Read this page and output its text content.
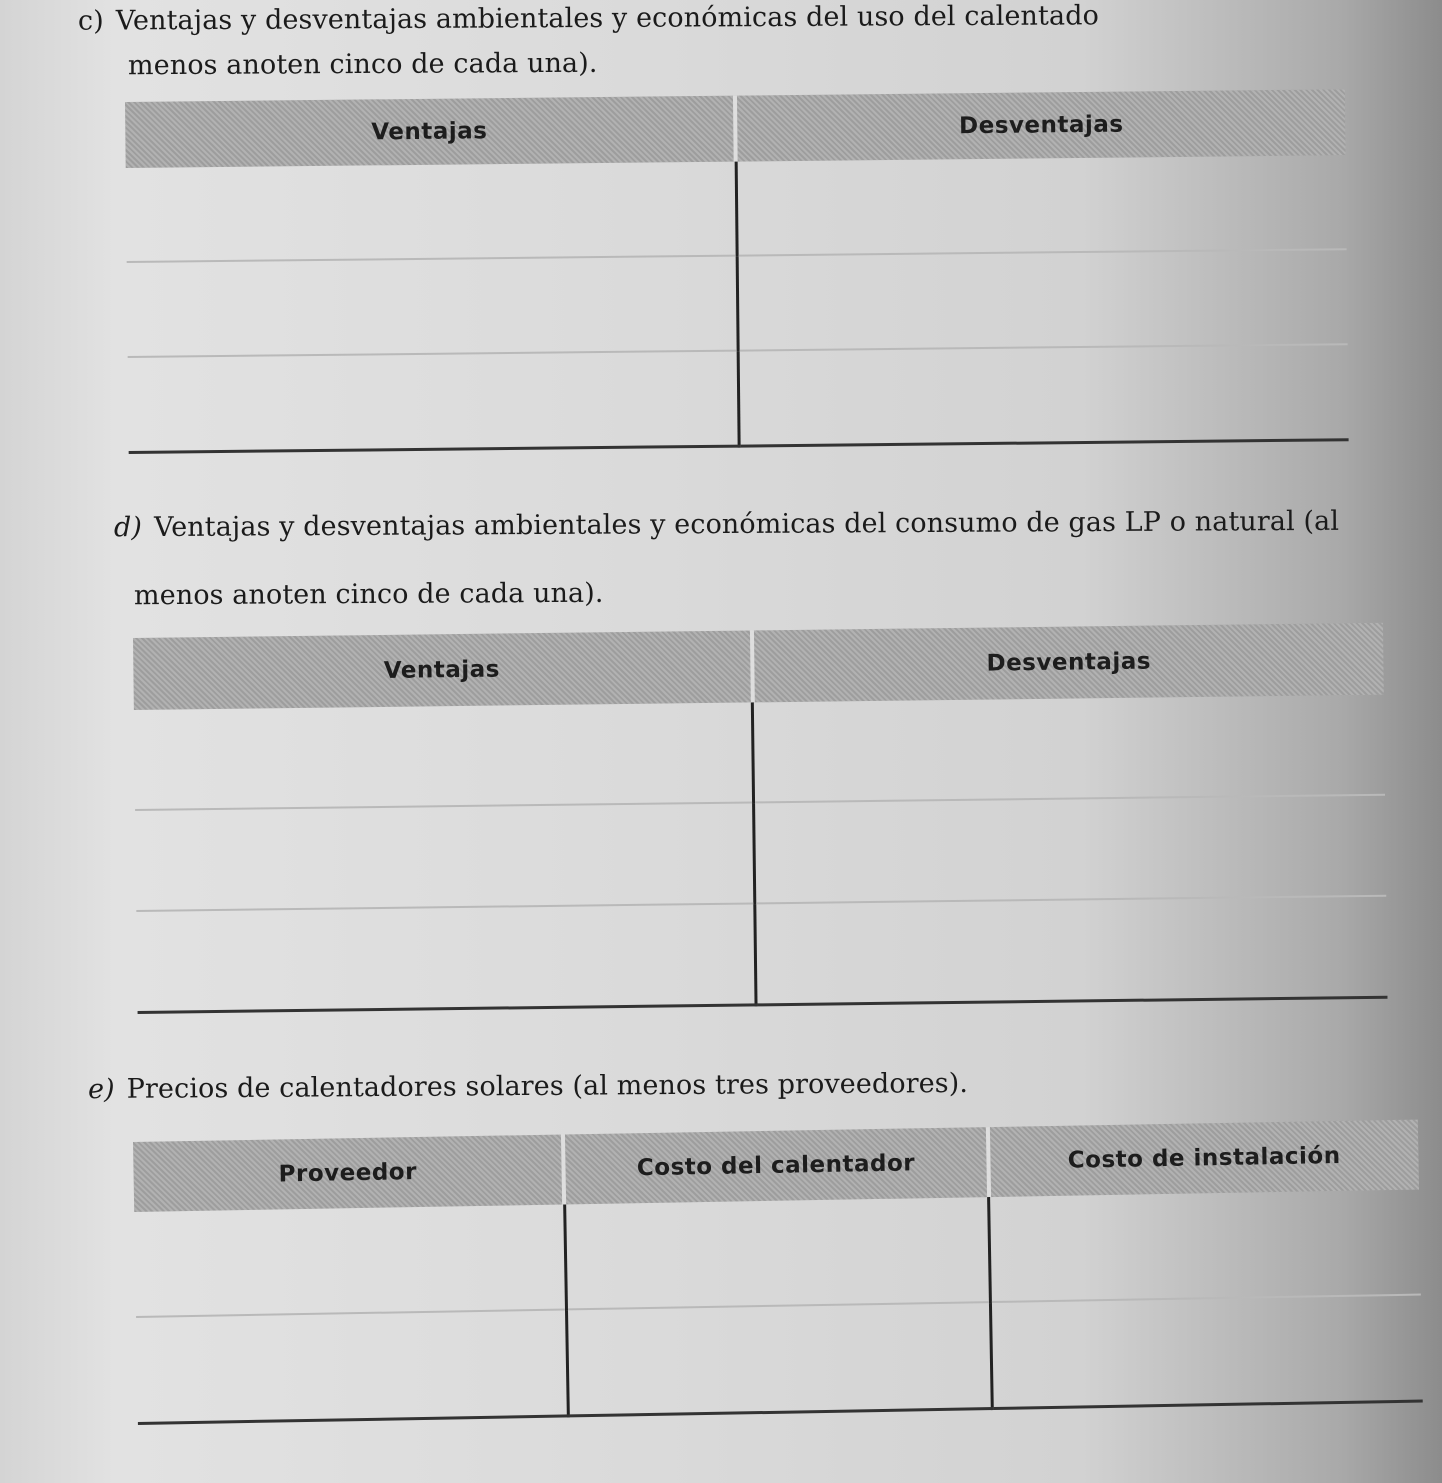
c) Ventajas y desventajas ambientales y económicas del uso del calentado
menos anoten cinco de cada una).
Ventajas	Desventajas

d) Ventajas y desventajas ambientales y económicas del consumo de gas LP o natural (al
menos anoten cinco de cada una).
Ventajas	Desventajas

e) Precios de calentadores solares (al menos tres proveedores).
Proveedor	Costo del calentador	Costo de instalación
